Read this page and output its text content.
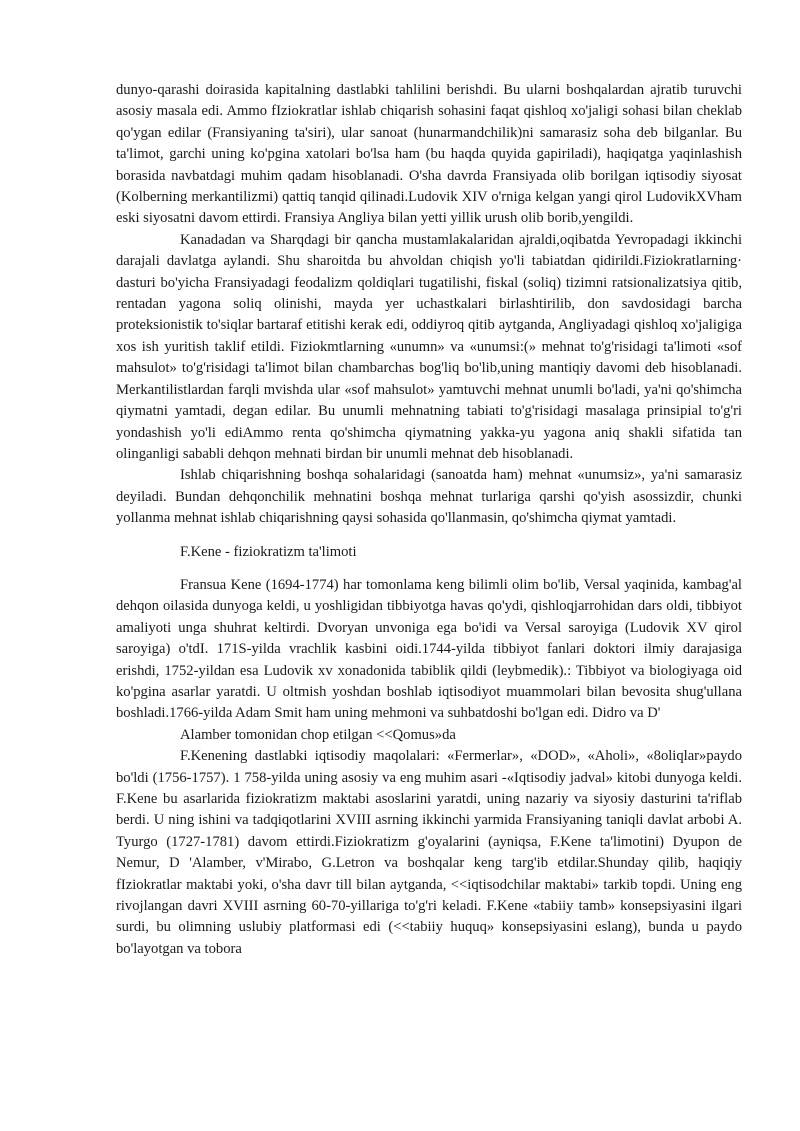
dunyo-qarashi doirasida kapitalning dastlabki tahlilini berishdi. Bu ularni boshqalardan ajratib turuvchi asosiy masala edi. Ammo fIziokratlar ishlab chiqarish sohasini faqat qishloq xo'jaligi sohasi bilan cheklab qo'ygan edilar (Fransiyaning ta'siri), ular sanoat (hunarmandchilik)ni samarasiz soha deb bilganlar. Bu ta'limot, garchi uning ko'pgina xatolari bo'lsa ham (bu haqda quyida gapiriladi), haqiqatga yaqinlashish borasida navbatdagi muhim qadam hisoblanadi. O'sha davrda Fransiyada olib borilgan iqtisodiy siyosat (Kolberning merkantilizmi) qattiq tanqid qilinadi.Ludovik XIV o'rniga kelgan yangi qirol LudovikXVham eski siyosatni davom ettirdi. Fransiya Angliya bilan yetti yillik urush olib borib,yengildi.

Kanadadan va Sharqdagi bir qancha mustamlakalaridan ajraldi,oqibatda Yevropadagi ikkinchi darajali davlatga aylandi. Shu sharoitda bu ahvoldan chiqish yo'li tabiatdan qidirildi.Fiziokratlarning· dasturi bo'yicha Fransiyadagi feodalizm qoldiqlari tugatilishi, fiskal (soliq) tizimni ratsionalizatsiya qitib, rentadan yagona soliq olinishi, mayda yer uchastkalari birlashtirilib, don savdosidagi barcha proteksionistik to'siqlar bartaraf etitishi kerak edi, oddiyroq qitib aytganda, Angliyadagi qishloq xo'jaligiga xos ish yuritish taklif etildi. Fiziokmtlarning «unumn» va «unumsi:(» mehnat to'g'risidagi ta'limoti «sof mahsulot» to'g'risidagi ta'limot bilan chambarchas bog'liq bo'lib,uning mantiqiy davomi deb hisoblanadi. Merkantilistlardan farqli mvishda ular «sof mahsulot» yamtuvchi mehnat unumli bo'ladi, ya'ni qo'shimcha qiymatni yamtadi, degan edilar. Bu unumli mehnatning tabiati to'g'risidagi masalaga prinsipial to'g'ri yondashish yo'li ediAmmo renta qo'shimcha qiymatning yakka-yu yagona aniq shakli sifatida tan olinganligi sababli dehqon mehnati birdan bir unumli mehnat deb hisoblanadi.

Ishlab chiqarishning boshqa sohalaridagi (sanoatda ham) mehnat «unumsiz», ya'ni samarasiz deyiladi. Bundan dehqonchilik mehnatini boshqa mehnat turlariga qarshi qo'yish asossizdir, chunki yollanma mehnat ishlab chiqarishning qaysi sohasida qo'llanmasin, qo'shimcha qiymat yamtadi.

F.Kene - fiziokratizm ta'limoti

Fransua Kene (1694-1774) har tomonlama keng bilimli olim bo'lib, Versal yaqinida, kambag'al dehqon oilasida dunyoga keldi, u yoshligidan tibbiyotga havas qo'ydi, qishloqjarrohidan dars oldi, tibbiyot amaliyoti unga shuhrat keltirdi. Dvoryan unvoniga ega bo'idi va Versal saroyiga (Ludovik XV qirol saroyiga) o'tdI. 171S-yilda vrachlik kasbini oidi.1744-yilda tibbiyot fanlari doktori ilmiy darajasiga erishdi, 1752-yildan esa Ludovik xv xonadonida tabiblik qildi (leybmedik).: Tibbiyot va biologiyaga oid ko'pgina asarlar yaratdi. U oltmish yoshdan boshlab iqtisodiyot muammolari bilan bevosita shug'ullana boshladi.1766-yilda Adam Smit ham uning mehmoni va suhbatdoshi bo'lgan edi. Didro va D'

Alamber tomonidan chop etilgan <<Qomus»da

F.Kenening dastlabki iqtisodiy maqolalari: «Fermerlar», «DOD», «Aholi», «8oliqlar»paydo bo'ldi (1756-1757). 1 758-yilda uning asosiy va eng muhim asari -«Iqtisodiy jadval» kitobi dunyoga keldi. F.Kene bu asarlarida fiziokratizm maktabi asoslarini yaratdi, uning nazariy va siyosiy dasturini ta'riflab berdi. U ning ishini va tadqiqotlarini XVIII asrning ikkinchi yarmida Fransiyaning taniqli davlat arbobi A. Tyurgo (1727-1781) davom ettirdi.Fiziokratizm g'oyalarini (ayniqsa, F.Kene ta'limotini) Dyupon de Nemur, D 'Alamber, v'Mirabo, G.Letron va boshqalar keng targ'ib etdilar.Shunday qilib, haqiqiy fIziokratlar maktabi yoki, o'sha davr till bilan aytganda, <<iqtisodchilar maktabi» tarkib topdi. Uning eng rivojlangan davri XVIII asrning 60-70-yillariga to'g'ri keladi. F.Kene «tabiiy tamb» konsepsiyasini ilgari surdi, bu olimning uslubiy platformasi edi (<<tabiiy huquq» konsepsiyasini eslang), bunda u paydo bo'layotgan va tobora
